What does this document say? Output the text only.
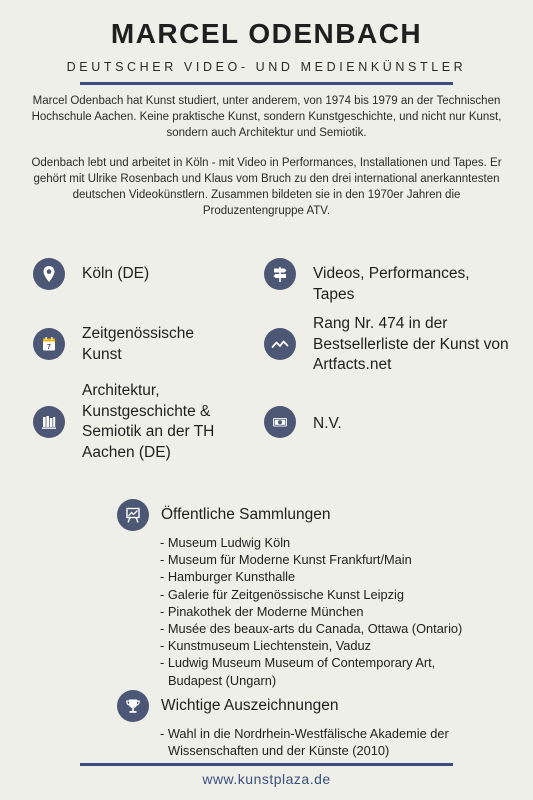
MARCEL ODENBACH
DEUTSCHER VIDEO- UND MEDIENKÜNSTLER

Marcel Odenbach hat Kunst studiert, unter anderem, von 1974 bis 1979 an der Technischen Hochschule Aachen. Keine praktische Kunst, sondern Kunstgeschichte, und nicht nur Kunst, sondern auch Architektur und Semiotik.

Odenbach lebt und arbeitet in Köln - mit Video in Performances, Installationen und Tapes. Er gehört mit Ulrike Rosenbach und Klaus vom Bruch zu den drei international anerkanntesten deutschen Videokünstlern. Zusammen bildeten sie in den 1970er Jahren die Produzentengruppe ATV.

Köln (DE)	Videos, Performances,
Tapes
7
Zeitgenössische
Kunst
Rang Nr. 474 in der
Bestsellerliste der Kunst von
Artfacts.net
Architektur,
Kunstgeschichte &
Semiotik an der TH
Aachen (DE)
N.V.
Öffentliche Sammlungen
- Museum Ludwig Köln
- Museum für Moderne Kunst Frankfurt/Main
- Hamburger Kunsthalle
- Galerie für Zeitgenössische Kunst Leipzig
- Pinakothek der Moderne München
- Musée des beaux-arts du Canada, Ottawa (Ontario)
- Kunstmuseum Liechtenstein, Vaduz
- Ludwig Museum Museum of Contemporary Art, Budapest (Ungarn)
Wichtige Auszeichnungen
- Wahl in die Nordrhein-Westfälische Akademie der Wissenschaften und der Künste (2010)
www.kunstplaza.de
